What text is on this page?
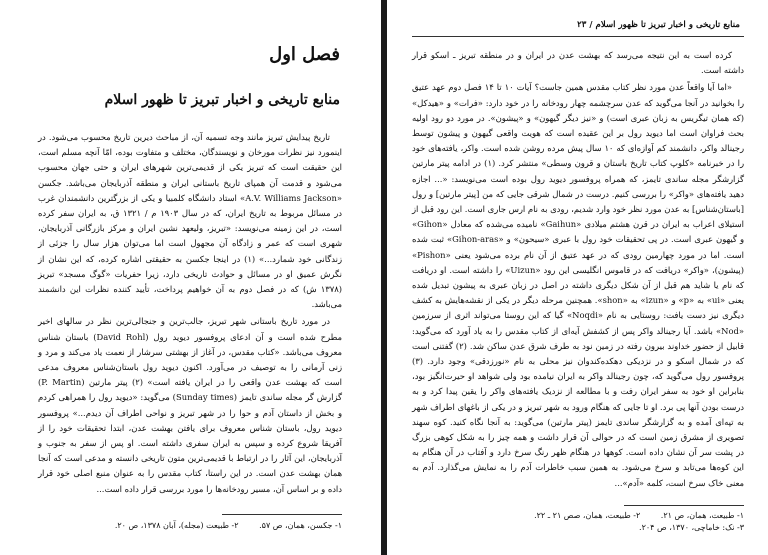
فصل اول
منابع تاریخی و اخبار تبریز تا ظهور اسلام

تاریخ پیدایش تبریز مانند وجه تسمیه آن، از مباحث دیرین تاریخ محسوب می‌شود. در اینمورد نیز نظرات مورخان و نویسندگان، مختلف و متفاوت بوده، امّا آنچه مسلم است، این حقیقت است که تبریز یکی از قدیمی‌ترین شهرهای ایران و حتی جهان محسوب می‌شود و قدمت آن همپای تاریخ باستانی ایران و منطقه آذربایجان می‌باشد. جکسن «A.V. Williams Jackson» استاد دانشگاه کلمبیا و یکی از بزرگترین دانشمندان غرب در مسائل مربوط به تاریخ ایران، که در سال ۱۹۰۳ م / ۱۳۲۱ ق، به ایران سفر کرده است، در این زمینه می‌نویسد: «تبریز، ولیعهد نشین ایران و مرکز بازرگانی آذربایجان، شهری است که عمر و زادگاه آن مجهول است اما می‌توان هزار سال را جزئی از زندگانی خود شمارد...» (۱) در اینجا جکسن به حقیقتی اشاره کرده، که این نشان از نگرش عمیق او در مسائل و حوادث تاریخی دارد، زیرا حفریات «گوگ مسجد» تبریز (۱۳۷۸ ش) که در فصل دوم به آن خواهیم پرداخت، تأیید کننده نظرات این دانشمند می‌باشد.

در مورد تاریخ باستانی شهر تبریز، جالب‌ترین و جنجالی‌ترین نظر در سالهای اخیر مطرح شده است و آن ادعای پروفسور دیوید رول (David Rohl) باستان شناس معروف می‌باشد. «کتاب مقدس، در آغاز از بهشتی سرشار از نعمت یاد می‌کند و مرد و زنی آرمانی را به توصیف در می‌آورد. اکنون دیوید رول باستان‌شناس معروف مدعی است که بهشت عدن واقعی را در ایران یافته است» (۲) پیتر مارتین (P. Martin) گزارش گر مجله ساندی تایمز (Sunday times) می‌گوید: «دیوید رول را همراهی کردم و بخش از داستان آدم و حوا را در شهر تبریز و نواحی اطراف آن دیدم...» پروفسور دیوید رول، باستان شناس معروف برای یافتن بهشت عدن، ابتدا تحقیقات خود را از آفریقا شروع کرده و سپس به ایران سفری داشته است. او پس از سفر به جنوب و آذربایجان، این آثار را در ارتباط با قدیمی‌ترین متون تاریخی دانسته و مدعی است که آنجا همان بهشت عدن است. در این راستا، کتاب مقدس را به عنوان منبع اصلی خود قرار داده و بر اساس آن، مسیر رودخانه‌ها را مورد بررسی قرار داده است...

۱- جکسن، همان، ص ۵۷. ۲- طبیعت (مجله)، آبان ۱۳۷۸، ص ۲۰.
منابع تاریخی و اخبار تبریز تا ظهور اسلام / ۲۳

کرده است به این نتیجه می‌رسد که بهشت عدن در ایران و در منطقه تبریز ـ اسکو قرار داشته است.

«اما آیا واقعاً عدن مورد نظر کتاب مقدس همین جاست؟ آیات ۱۰ تا ۱۴ فصل دوم عهد عتیق را بخوانید در آنجا می‌گوید که عدن سرچشمه چهار رودخانه را در خود دارد: «فرات» و «هیدکل» (که همان تیگریس به زبان عبری است) و «نیز دیگر گیهون» و «پیشون». در مورد دو رود اولیه بحث فراوان است اما دیوید رول بر این عقیده است که هویت واقعی گیهون و پیشون توسط رجینالد واکر، دانشمند کم آوازه‌ای که ۱۰ سال پیش مرده روشن شده است. واکر، یافته‌های خود را در خبرنامه «کلوپ کتاب تاریخ باستان و قرون وسطی» منتشر کرد. (۱) در ادامه پیتر مارتین گزارشگر مجله ساندی تایمز، که همراه پروفسور دیوید رول بوده است می‌نویسد: «... اجازه دهید یافته‌های «واکر» را بررسی کنیم. درست در شمال شرقی جایی که من [پیتر مارتین] و رول [باستان‌شناس] به عدن مورد نظر خود وارد شدیم، رودی به نام ارس جاری است. این رود قبل از استیلای اعراب به ایران در قرن هشتم میلادی «Gaihun» نامیده می‌شده که معادل «Gihon» و گیهون عبری است. در پی تحقیقات خود رول با عبری «سیحون» و «Gihon-aras» ثبت شده است. اما در مورد چهارمین رودی که در عهد عتیق از آن نام برده می‌شود یعنی «Pishon» (پیشون)، «واکر» دریافت که در قاموس انگلیسی این رود «Uizun» را داشته است. او دریافت که نام یا شاید هم قبل از آن شکل دیگری داشته در اصل در زبان عبری به پیشون تبدیل شده یعنی «ui» به «p» و «izun» به «shon». همچنین مرحله دیگر در یکی از نقشه‌هایش به کشف دیگری نیز دست یافت: روستایی به نام «Noqdi» گیا که این روستا می‌تواند اثری از سرزمین «Nod» باشد. آیا رجینالد واکر پس از کشفش آیه‌ای از کتاب مقدس را به یاد آورد که می‌گوید: قابیل از حضور خداوند بیرون رفته در زمین نود به طرف شرق عدن ساکن شد. (۲) گفتنی است که در شمال اسکو و در نزدیکی دهکده‌کندوان نیز محلی به نام «نورزدقی» وجود دارد. (۳) پروفسور رول می‌گوید که، چون رجینالد واکر به ایران نیامده بود ولی شواهد او حیرت‌انگیز بود، بنابراین او خود به سفر ایران رفت و با مطالعه از نزدیک یافته‌های واکر را یقین پیدا کرد و به درست بودن آنها پی برد. او تا جایی که هنگام ورود به شهر تبریز و در یکی از باغهای اطراف شهر به تپه‌ای آمده و به گزارشگر ساندی تایمز (پیتر مارتین) می‌گوید: به آنجا نگاه کنید. کوه سهند تصویری از مشرق زمین است که در حوالی آن قرار داشت و همه چیز را به شکل کوهی بزرگ در پشت سر آن نشان داده است. کوهها در هنگام ظهر رنگ سرخ دارد و آفتاب در آن هنگام به این کوه‌ها می‌تابد و سرخ می‌شود. به همین سبب خاطرات آدم را به نمایش می‌گذارد. آدم به معنی خاک سرخ است، کلمه «آدم»...

۱- طبیعت، همان، ص ۲۱. ۲- طبیعت، همان، صص ۲۱ ـ ۲۲.
۳- نک: خاماچی، ۱۳۷۰، ص ۲۰۴.
